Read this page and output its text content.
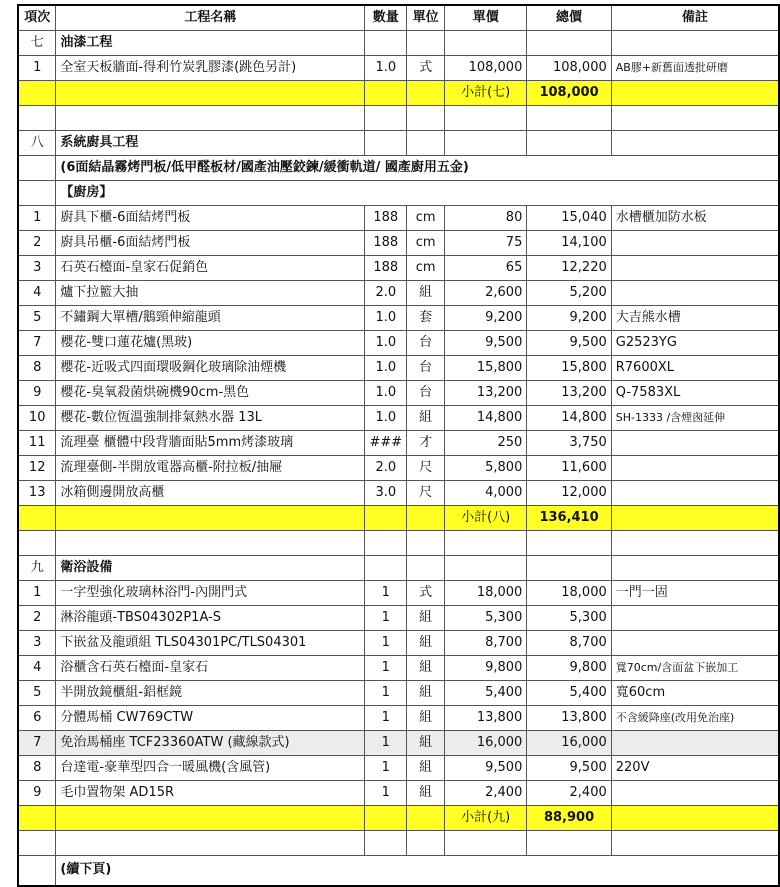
項次	工程名稱	數量	單位	單價	總價	備註
七	油漆工程					
1	全室天板牆面-得利竹炭乳膠漆(跳色另計)	1.0	式	108,000	108,000	AB膠+新舊面透批研磨
				小計(七)	108,000	

八	系統廚具工程					
	(6面結晶霧烤門板/低甲醛板材/國產油壓鉸鍊/緩衝軌道/ 國產廚用五金)					
	【廚房】					
1	廚具下櫃-6面結烤門板	188	cm	80	15,040	水槽櫃加防水板
2	廚具吊櫃-6面結烤門板	188	cm	75	14,100	
3	石英石檯面-皇家石促銷色	188	cm	65	12,220	
4	爐下拉籃大抽	2.0	組	2,600	5,200	
5	不鏽鋼大單槽/鵝頸伸縮龍頭	1.0	套	9,200	9,200	大吉熊水槽
7	櫻花-雙口蓮花爐(黑玻)	1.0	台	9,500	9,500	G2523YG
8	櫻花-近吸式四面環吸鋼化玻璃除油煙機	1.0	台	15,800	15,800	R7600XL
9	櫻花-臭氧殺菌烘碗機90cm-黑色	1.0	台	13,200	13,200	Q-7583XL
10	櫻花-數位恆溫強制排氣熱水器 13L	1.0	組	14,800	14,800	SH-1333 /含煙囪延伸
11	流理臺 櫃體中段背牆面貼5mm烤漆玻璃	###	才	250	3,750	
12	流理臺側-半開放電器高櫃-附拉板/抽屜	2.0	尺	5,800	11,600	
13	冰箱側邊開放高櫃	3.0	尺	4,000	12,000	
				小計(八)	136,410	

九	衛浴設備					
1	一字型強化玻璃林浴門-內開門式	1	式	18,000	18,000	一門一固
2	淋浴龍頭-TBS04302P1A-S	1	組	5,300	5,300	
3	下嵌盆及龍頭組 TLS04301PC/TLS04301	1	組	8,700	8,700	
4	浴櫃含石英石檯面-皇家石	1	組	9,800	9,800	寬70cm/含面盆下嵌加工
5	半開放鏡櫃組-鋁框鏡	1	組	5,400	5,400	寬60cm
6	分體馬桶 CW769CTW	1	組	13,800	13,800	不含緩降座(改用免治座)
7	免治馬桶座 TCF23360ATW (藏線款式)	1	組	16,000	16,000	
8	台達電-豪華型四合一暖風機(含風管)	1	組	9,500	9,500	220V
9	毛巾置物架 AD15R	1	組	2,400	2,400	
				小計(九)	88,900	

	(續下頁)					
